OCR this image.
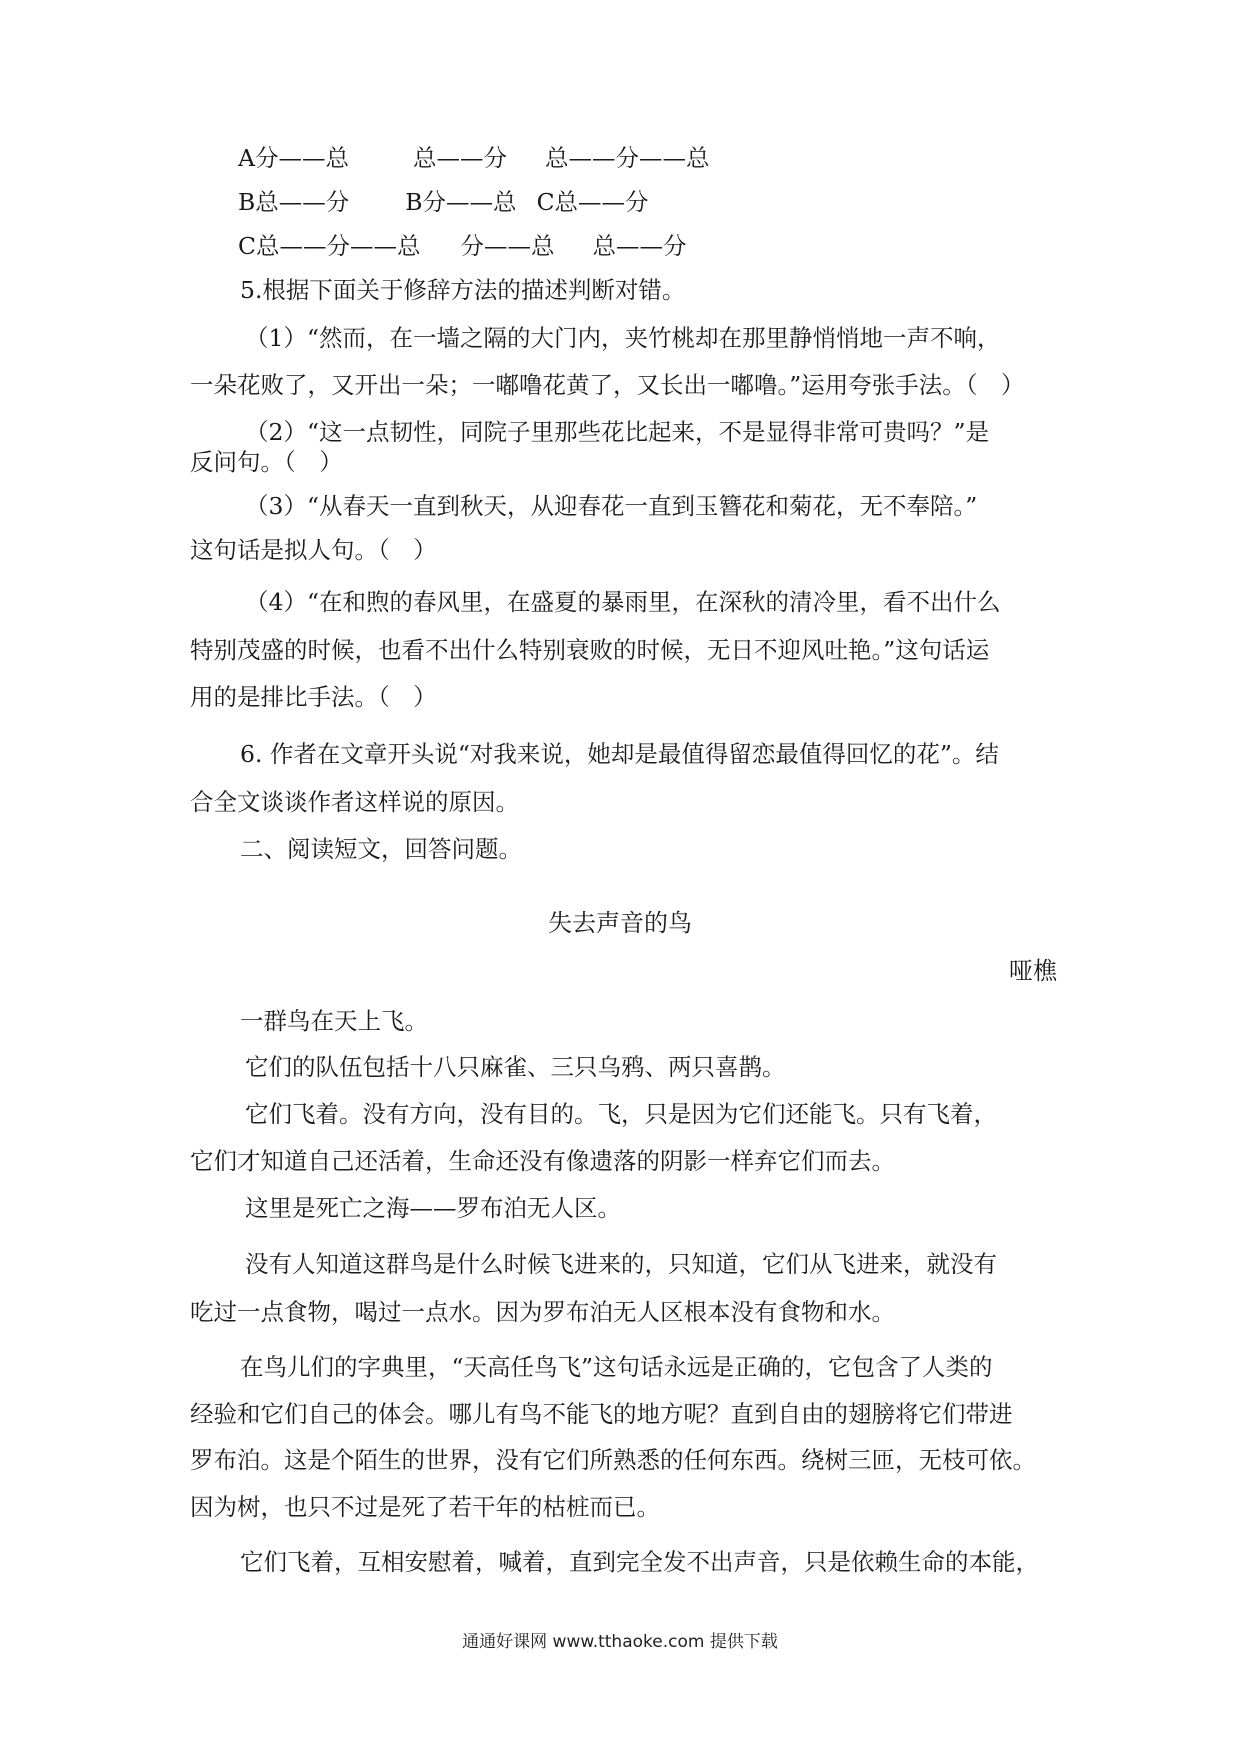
A分——总	总——分 总——分——总
B总——分 B分——总 C总——分
C总——分——总 分——总 总——分
5.根据下面关于修辞方法的描述判断对错。
（1）“然而，在一墙之隔的大门内，夹竹桃却在那里静悄悄地一声不响，
一朵花败了，又开出一朵；一嘟噜花黄了，又长出一嘟噜。”运用夸张手法。（　）
（2）“这一点韧性，同院子里那些花比起来，不是显得非常可贵吗？”是
反问句。（　）
（3）“从春天一直到秋天，从迎春花一直到玉簪花和菊花，无不奉陪。”
这句话是拟人句。（　）
（4）“在和煦的春风里，在盛夏的暴雨里，在深秋的清冷里，看不出什么
特别茂盛的时候，也看不出什么特别衰败的时候，无日不迎风吐艳。”这句话运
用的是排比手法。（　）
6. 作者在文章开头说“对我来说，她却是最值得留恋最值得回忆的花”。结
合全文谈谈作者这样说的原因。
二、阅读短文，回答问题。
失去声音的鸟
哑樵
一群鸟在天上飞。
它们的队伍包括十八只麻雀、三只乌鸦、两只喜鹊。
它们飞着。没有方向，没有目的。飞，只是因为它们还能飞。只有飞着，
它们才知道自己还活着，生命还没有像遗落的阴影一样弃它们而去。
这里是死亡之海——罗布泊无人区。
没有人知道这群鸟是什么时候飞进来的，只知道，它们从飞进来，就没有
吃过一点食物，喝过一点水。因为罗布泊无人区根本没有食物和水。
在鸟儿们的字典里，“天高任鸟飞”这句话永远是正确的，它包含了人类的
经验和它们自己的体会。哪儿有鸟不能飞的地方呢？直到自由的翅膀将它们带进
罗布泊。这是个陌生的世界，没有它们所熟悉的任何东西。绕树三匝，无枝可依。
因为树，也只不过是死了若干年的枯桩而已。
它们飞着，互相安慰着，喊着，直到完全发不出声音，只是依赖生命的本能，
通通好课网 www.tthaoke.com 提供下载
